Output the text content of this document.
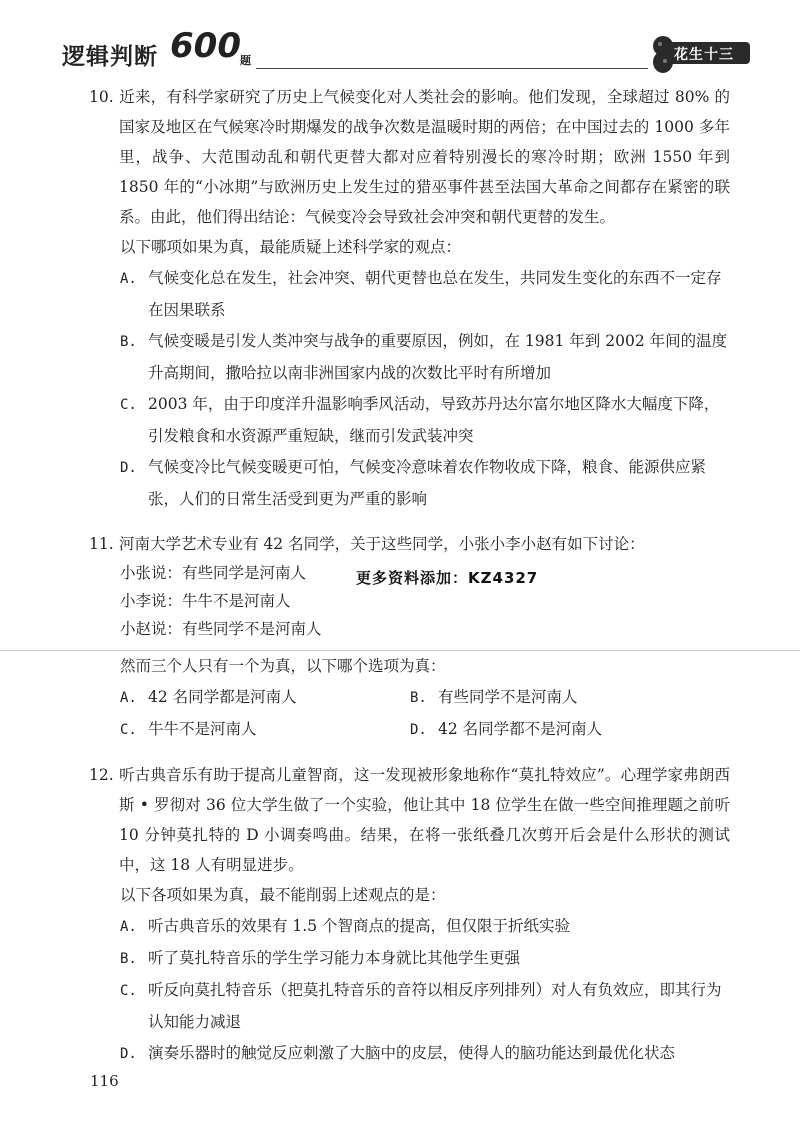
逻辑判断 600 题	花生十三

10. 近来，有科学家研究了历史上气候变化对人类社会的影响。他们发现，全球超过 80% 的国家及地区在气候寒冷时期爆发的战争次数是温暖时期的两倍；在中国过去的 1000 多年里，战争、大范围动乱和朝代更替大都对应着特别漫长的寒冷时期；欧洲 1550 年到 1850 年的“小冰期”与欧洲历史上发生过的猎巫事件甚至法国大革命之间都存在紧密的联系。由此，他们得出结论：气候变冷会导致社会冲突和朝代更替的发生。

以下哪项如果为真，最能质疑上述科学家的观点：

A. 气候变化总在发生，社会冲突、朝代更替也总在发生，共同发生变化的东西不一定存在因果联系

B. 气候变暖是引发人类冲突与战争的重要原因，例如，在 1981 年到 2002 年间的温度升高期间，撒哈拉以南非洲国家内战的次数比平时有所增加

C. 2003 年，由于印度洋升温影响季风活动，导致苏丹达尔富尔地区降水大幅度下降，引发粮食和水资源严重短缺，继而引发武装冲突

D. 气候变冷比气候变暖更可怕，气候变冷意味着农作物收成下降，粮食、能源供应紧张，人们的日常生活受到更为严重的影响

11. 河南大学艺术专业有 42 名同学，关于这些同学，小张小李小赵有如下讨论：

小张说：有些同学是河南人

小李说：牛牛不是河南人

小赵说：有些同学不是河南人

然而三个人只有一个为真，以下哪个选项为真：

A. 42 名同学都是河南人	B. 有些同学不是河南人

C. 牛牛不是河南人	D. 42 名同学都不是河南人

12. 听古典音乐有助于提高儿童智商，这一发现被形象地称作“莫扎特效应”。心理学家弗朗西斯 • 罗彻对 36 位大学生做了一个实验，他让其中 18 位学生在做一些空间推理题之前听 10 分钟莫扎特的 D 小调奏鸣曲。结果，在将一张纸叠几次剪开后会是什么形状的测试中，这 18 人有明显进步。

以下各项如果为真，最不能削弱上述观点的是：

A. 听古典音乐的效果有 1.5 个智商点的提高，但仅限于折纸实验

B. 听了莫扎特音乐的学生学习能力本身就比其他学生更强

C. 听反向莫扎特音乐（把莫扎特音乐的音符以相反序列排列）对人有负效应，即其行为认知能力减退

D. 演奏乐器时的触觉反应刺激了大脑中的皮层，使得人的脑功能达到最优化状态

更多资料添加：KZ4327
116
